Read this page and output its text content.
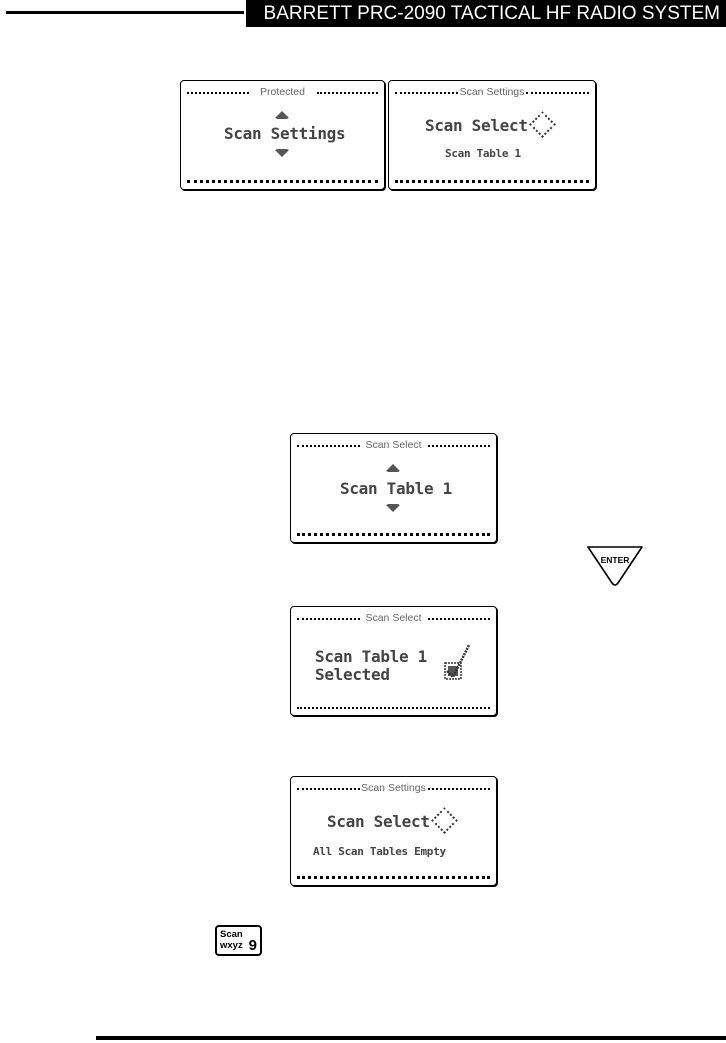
BARRETT PRC-2090 TACTICAL HF RADIO SYSTEM
Protected
Scan Settings
Scan Settings
Scan Select
Scan Table 1
Scan Select
Scan Table 1
ENTER
Scan Select
Scan Table 1
Selected
Scan Settings
Scan Select
All Scan Tables Empty
Scan
wxyz 9
